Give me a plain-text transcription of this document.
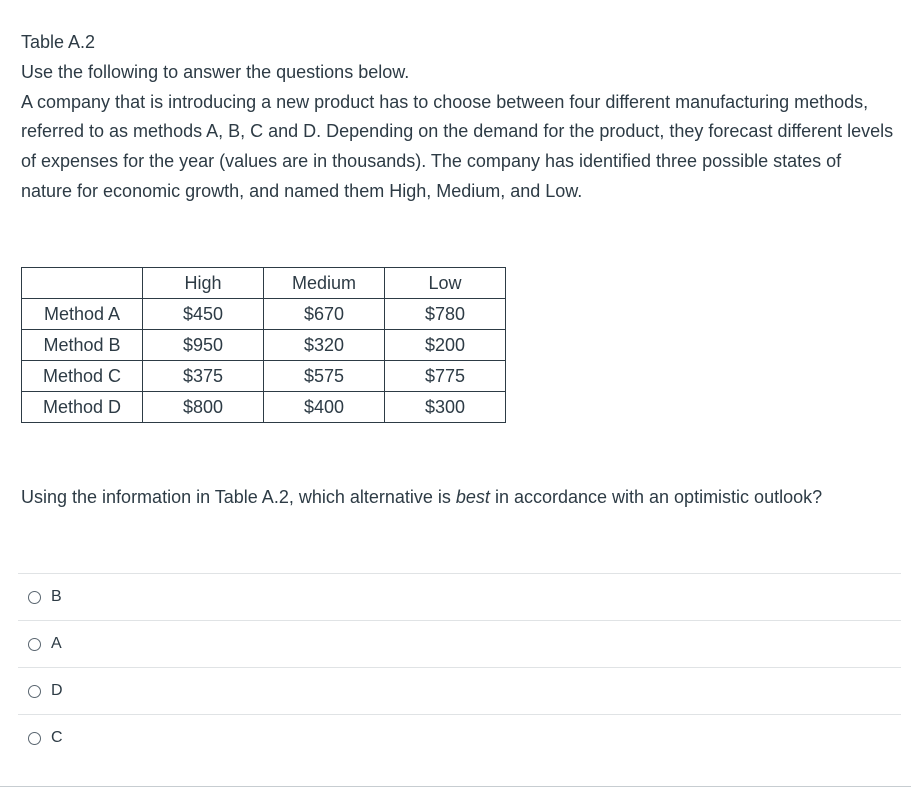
Table A.2

Use the following to answer the questions below.

A company that is introducing a new product has to choose between four different manufacturing methods, referred to as methods A, B, C and D. Depending on the demand for the product, they forecast different levels of expenses for the year (values are in thousands). The company has identified three possible states of nature for economic growth, and named them High, Medium, and Low.

	High	Medium	Low
Method A	$450	$670	$780
Method B	$950	$320	$200
Method C	$375	$575	$775
Method D	$800	$400	$300

Using the information in Table A.2, which alternative is best in accordance with an optimistic outlook?

B
A
D
C
